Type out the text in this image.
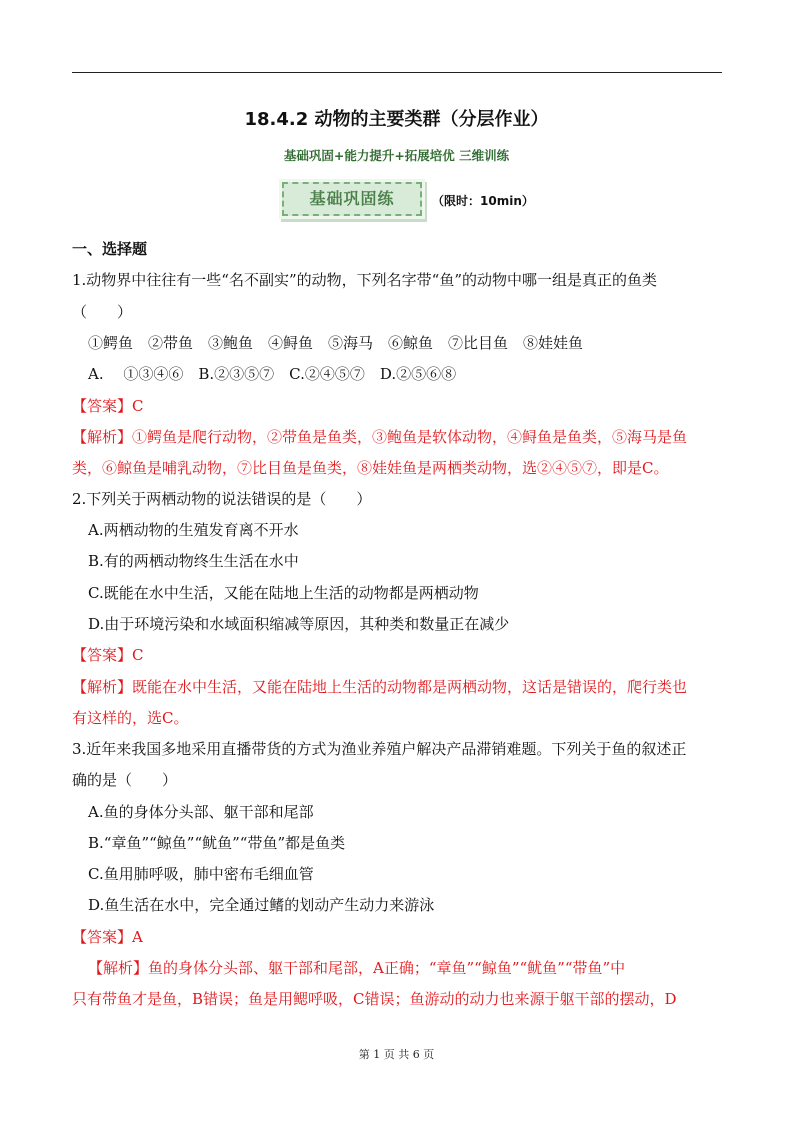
18.4.2 动物的主要类群（分层作业）
基础巩固+能力提升+拓展培优 三维训练
基础巩固练	（限时：10min）
一、选择题
1.动物界中往往有一些“名不副实”的动物，下列名字带“鱼”的动物中哪一组是真正的鱼类
（　　）
①鳄鱼　②带鱼　③鲍鱼　④鲟鱼　⑤海马　⑥鲸鱼　⑦比目鱼　⑧娃娃鱼
A.　 ①③④⑥　B.②③⑤⑦　C.②④⑤⑦　D.②⑤⑥⑧
【答案】C
【解析】①鳄鱼是爬行动物，②带鱼是鱼类，③鲍鱼是软体动物，④鲟鱼是鱼类，⑤海马是鱼
类，⑥鲸鱼是哺乳动物，⑦比目鱼是鱼类，⑧娃娃鱼是两栖类动物，选②④⑤⑦，即是C。
2.下列关于两栖动物的说法错误的是（　　）
A.两栖动物的生殖发育离不开水
B.有的两栖动物终生生活在水中
C.既能在水中生活，又能在陆地上生活的动物都是两栖动物
D.由于环境污染和水域面积缩减等原因，其种类和数量正在减少
【答案】C
【解析】既能在水中生活，又能在陆地上生活的动物都是两栖动物，这话是错误的，爬行类也
有这样的，选C。
3.近年来我国多地采用直播带货的方式为渔业养殖户解决产品滞销难题。下列关于鱼的叙述正
确的是（　　）
A.鱼的身体分头部、躯干部和尾部
B.“章鱼”“鲸鱼”“鱿鱼”“带鱼”都是鱼类
C.鱼用肺呼吸，肺中密布毛细血管
D.鱼生活在水中，完全通过鳍的划动产生动力来游泳
【答案】A
【解析】鱼的身体分头部、躯干部和尾部，A正确；“章鱼”“鲸鱼”“鱿鱼”“带鱼”中
只有带鱼才是鱼，B错误；鱼是用鳃呼吸，C错误；鱼游动的动力也来源于躯干部的摆动，D
第 1 页 共 6 页
